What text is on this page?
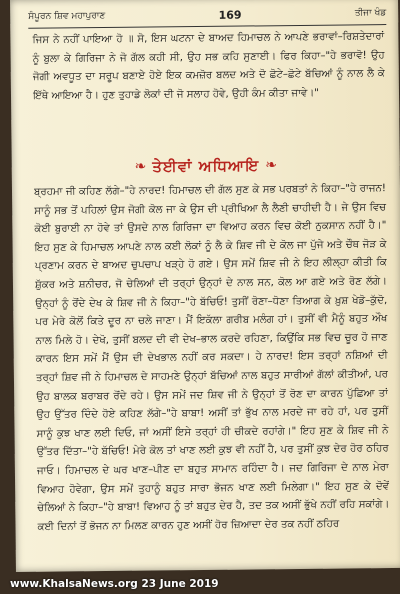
ਸੰਪੂਰਨ ਸ਼ਿਵ ਮਹਾਪੁਰਾਣ	169	ਤੀਜਾ ਖੰਡ
ਜਿਸ ਨੇ ਨਹੀਂ ਪਾਇਆ ਹੋ ॥ ਸੋ, ਇਸ ਘਟਨਾ ਦੇ ਬਾਅਦ ਹਿਮਾਚਲ ਨੇ ਆਪਣੇ ਭਰਾਵਾਂ–ਰਿਸ਼ਤੇਦਾਰਾਂ ਨੂੰ ਬੁਲਾ ਕੇ ਗਿਰਿਜਾ ਨੇ ਜੋ ਗੱਲ ਕਹੀ ਸੀ, ਉਹ ਸਭ ਕਹਿ ਸੁਣਾਈ। ਫਿਰ ਕਿਹਾ–"ਹੇ ਭਰਾਵੋ! ਉਹ ਜੋਗੀ ਅਵਧੂਤ ਦਾ ਸਰੂਪ ਬਣਾਏ ਹੋਏ ਇਕ ਕਮਜ਼ੋਰ ਬਲਦ ਅਤੇ ਦੋ ਛੋਟੇ–ਛੋਟੇ ਬੱਚਿਆਂ ਨੂੰ ਨਾਲ ਲੈ ਕੇ ਇੱਥੇ ਆਇਆ ਹੈ। ਹੁਣ ਤੁਹਾਡੇ ਲੋਕਾਂ ਦੀ ਜੋ ਸਲਾਹ ਹੋਵੇ, ਉਹੀ ਕੰਮ ਕੀਤਾ ਜਾਵੇ।"
❧ ਤੇਈਵਾਂ ਅਧਿਆਇ ❧
ਬ੍ਰਹਮਾ ਜੀ ਕਹਿਣ ਲੱਗੇ–"ਹੇ ਨਾਰਦ! ਹਿਮਾਚਲ ਦੀ ਗੱਲ ਸੁਣ ਕੇ ਸਭ ਪਰਬਤਾਂ ਨੇ ਕਿਹਾ–"ਹੇ ਰਾਜਨ! ਸਾਨੂੰ ਸਭ ਤੋਂ ਪਹਿਲਾਂ ਉਸ ਜੋਗੀ ਕੋਲ ਜਾ ਕੇ ਉਸ ਦੀ ਪ੍ਰੀਖਿਆ ਲੈ ਲੈਣੀ ਚਾਹੀਦੀ ਹੈ। ਜੇ ਉਸ ਵਿਚ ਕੋਈ ਬੁਰਾਈ ਨਾ ਹੋਵੇ ਤਾਂ ਉਸਦੇ ਨਾਲ ਗਿਰਿਜਾ ਦਾ ਵਿਆਹ ਕਰਨ ਵਿਚ ਕੋਈ ਨੁਕਸਾਨ ਨਹੀਂ ਹੈ।" ਇਹ ਸੁਣ ਕੇ ਹਿਮਾਚਲ ਆਪਣੇ ਨਾਲ ਕਈ ਲੋਕਾਂ ਨੂੰ ਲੈ ਕੇ ਸ਼ਿਵ ਜੀ ਦੇ ਕੋਲ ਜਾ ਪੁੱਜੇ ਅਤੇ ਚੌਥ ਜੋੜ ਕੇ ਪ੍ਰਣਾਮ ਕਰਨ ਦੇ ਬਾਅਦ ਚੁਪਚਾਪ ਖੜ੍ਹੇ ਹੋ ਗਏ। ਉਸ ਸਮੇਂ ਸ਼ਿਵ ਜੀ ਨੇ ਇਹ ਲੀਲ੍ਹਾ ਕੀਤੀ ਕਿ ਸ਼ੁੱਕਰ ਅਤੇ ਸ਼ਨੀਚਰ, ਜੋ ਚੇਲਿਆਂ ਦੀ ਤਰ੍ਹਾਂ ਉਨ੍ਹਾਂ ਦੇ ਨਾਲ ਸਨ, ਕੋਲ ਆ ਗਏ ਅਤੇ ਰੋਣ ਲੱਗੇ। ਉਨ੍ਹਾਂ ਨੂੰ ਰੋਂਦੇ ਦੇਖ ਕੇ ਸ਼ਿਵ ਜੀ ਨੇ ਕਿਹਾ–"ਹੇ ਬੱਚਿਓ! ਤੁਸੀਂ ਰੋਣਾ–ਧੋਣਾ ਤਿਆਗ ਕੇ ਖ਼ੁਸ਼ ਖੇਡੋ–ਕੁੱਦੋ, ਪਰ ਮੇਰੇ ਕੋਲੋਂ ਕਿਤੇ ਦੂਰ ਨਾ ਚਲੇ ਜਾਣਾ। ਮੈਂ ਇਕੱਲਾ ਗਰੀਬ ਮਲੰਗ ਹਾਂ। ਤੁਸੀਂ ਵੀ ਮੈਨੂੰ ਬਹੁਤ ਔਖ ਨਾਲ ਮਿਲੇ ਹੋ। ਦੇਖੋ, ਤੁਸੀਂ ਬਲਦ ਦੀ ਵੀ ਦੇਖ–ਭਾਲ ਕਰਦੇ ਰਹਿਣਾ, ਕਿਉਂਕਿ ਸਭ ਵਿਚ ਚੂਰ ਹੋ ਜਾਣ ਕਾਰਨ ਇਸ ਸਮੇਂ ਮੈਂ ਉਸ ਦੀ ਦੇਖਭਾਲ ਨਹੀਂ ਕਰ ਸਕਦਾ। ਹੇ ਨਾਰਦ! ਇਸ ਤਰ੍ਹਾਂ ਨਸ਼ਿਆਂ ਦੀ ਤਰ੍ਹਾਂ ਸ਼ਿਵ ਜੀ ਨੇ ਹਿਮਾਚਲ ਦੇ ਸਾਹਮਣੇ ਉਨ੍ਹਾਂ ਬੱਚਿਆਂ ਨਾਲ ਬਹੁਤ ਸਾਰੀਆਂ ਗੱਲਾਂ ਕੀਤੀਆਂ, ਪਰ ਉਹ ਬਾਲਕ ਬਰਾਬਰ ਰੋਂਦੇ ਰਹੇ। ਉਸ ਸਮੇਂ ਜਦ ਸ਼ਿਵ ਜੀ ਨੇ ਉਨ੍ਹਾਂ ਤੋਂ ਰੋਣ ਦਾ ਕਾਰਨ ਪੁੱਛਿਆ ਤਾਂ ਉਹ ਉੱਤਰ ਦਿੰਦੇ ਹੋਏ ਕਹਿਣ ਲੱਗੇ–"ਹੇ ਬਾਬਾ! ਅਸੀਂ ਤਾਂ ਭੁੱਖ ਨਾਲ ਮਰਦੇ ਜਾ ਰਹੇ ਹਾਂ, ਪਰ ਤੁਸੀਂ ਸਾਨੂੰ ਕੁਝ ਖਾਣ ਲਈ ਦਿਓ, ਜਾਂ ਅਸੀਂ ਇਸੇ ਤਰ੍ਹਾਂ ਹੀ ਚੀਕਦੇ ਰਹਾਂਗੇ।" ਇਹ ਸੁਣ ਕੇ ਸ਼ਿਵ ਜੀ ਨੇ ਉੱਤਰ ਦਿੱਤਾ–"ਹੇ ਬੱਚਿਓ! ਮੇਰੇ ਕੋਲ ਤਾਂ ਖਾਣ ਲਈ ਕੁਝ ਵੀ ਨਹੀਂ ਹੈ, ਪਰ ਤੁਸੀਂ ਕੁਝ ਦੇਰ ਹੋਰ ਠਹਿਰ ਜਾਓ। ਹਿਮਾਚਲ ਦੇ ਘਰ ਖਾਣ–ਪੀਣ ਦਾ ਬਹੁਤ ਸਾਮਾਨ ਰਹਿੰਦਾ ਹੈ। ਜਦ ਗਿਰਿਜਾ ਦੇ ਨਾਲ ਮੇਰਾ ਵਿਆਹ ਹੋਵੇਗਾ, ਉਸ ਸਮੇਂ ਤੁਹਾਨੂੰ ਬਹੁਤ ਸਾਰਾ ਭੋਜਨ ਖਾਣ ਲਈ ਮਿਲੇਗਾ।" ਇਹ ਸੁਣ ਕੇ ਦੋਵੇਂ ਚੇਲਿਆਂ ਨੇ ਕਿਹਾ–"ਹੇ ਬਾਬਾ! ਵਿਆਹ ਨੂੰ ਤਾਂ ਬਹੁਤ ਦੇਰ ਹੈ, ਤਦ ਤਕ ਅਸੀਂ ਭੁੱਖੇ ਨਹੀਂ ਰਹਿ ਸਕਾਂਗੇ। ਕਈ ਦਿਨਾਂ ਤੋਂ ਭੋਜਨ ਨਾ ਮਿਲਣ ਕਾਰਨ ਹੁਣ ਅਸੀਂ ਹੋਰ ਜ਼ਿਆਦਾ ਦੇਰ ਤਕ ਨਹੀਂ ਠਹਿਰ
www.KhalsaNews.org 23 June 2019
